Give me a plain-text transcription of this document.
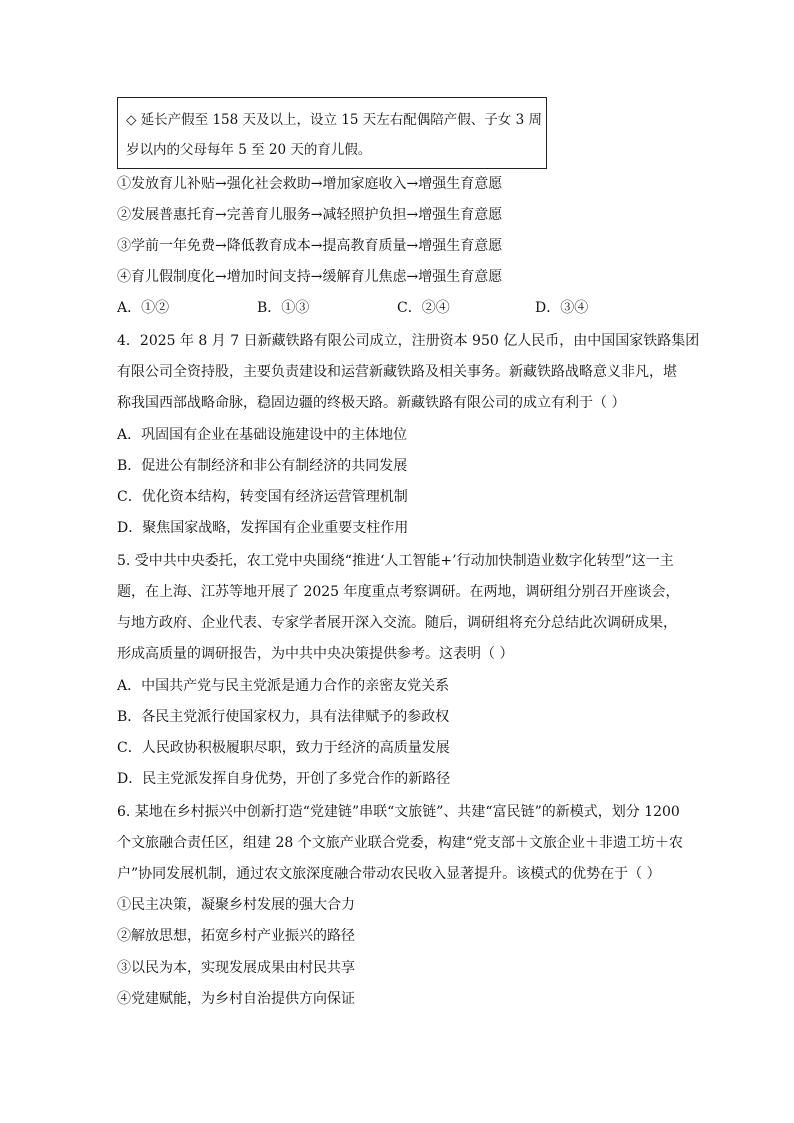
◇ 延长产假至 158 天及以上，设立 15 天左右配偶陪产假、子女 3 周
岁以内的父母每年 5 至 20 天的育儿假。
①发放育儿补贴→强化社会救助→增加家庭收入→增强生育意愿
②发展普惠托育→完善育儿服务→减轻照护负担→增强生育意愿
③学前一年免费→降低教育成本→提高教育质量→增强生育意愿
④育儿假制度化→增加时间支持→缓解育儿焦虑→增强生育意愿
A．①②	B．①③	C．②④	D．③④
4．2025 年 8 月 7 日新藏铁路有限公司成立，注册资本 950 亿人民币，由中国国家铁路集团
有限公司全资持股，主要负责建设和运营新藏铁路及相关事务。新藏铁路战略意义非凡，堪
称我国西部战略命脉，稳固边疆的终极天路。新藏铁路有限公司的成立有利于（ ）
A．巩固国有企业在基础设施建设中的主体地位
B．促进公有制经济和非公有制经济的共同发展
C．优化资本结构，转变国有经济运营管理机制
D．聚焦国家战略，发挥国有企业重要支柱作用
5. 受中共中央委托，农工党中央围绕“推进‘人工智能+’行动加快制造业数字化转型”这一主
题，在上海、江苏等地开展了 2025 年度重点考察调研。在两地，调研组分别召开座谈会，
与地方政府、企业代表、专家学者展开深入交流。随后，调研组将充分总结此次调研成果，
形成高质量的调研报告，为中共中央决策提供参考。这表明（ ）
A．中国共产党与民主党派是通力合作的亲密友党关系
B．各民主党派行使国家权力，具有法律赋予的参政权
C．人民政协积极履职尽职，致力于经济的高质量发展
D．民主党派发挥自身优势，开创了多党合作的新路径
6. 某地在乡村振兴中创新打造“党建链”串联“文旅链”、共建“富民链”的新模式，划分 1200
个文旅融合责任区，组建 28 个文旅产业联合党委，构建“党支部＋文旅企业＋非遗工坊＋农
户”协同发展机制，通过农文旅深度融合带动农民收入显著提升。该模式的优势在于（ ）
①民主决策，凝聚乡村发展的强大合力
②解放思想，拓宽乡村产业振兴的路径
③以民为本，实现发展成果由村民共享
④党建赋能，为乡村自治提供方向保证
